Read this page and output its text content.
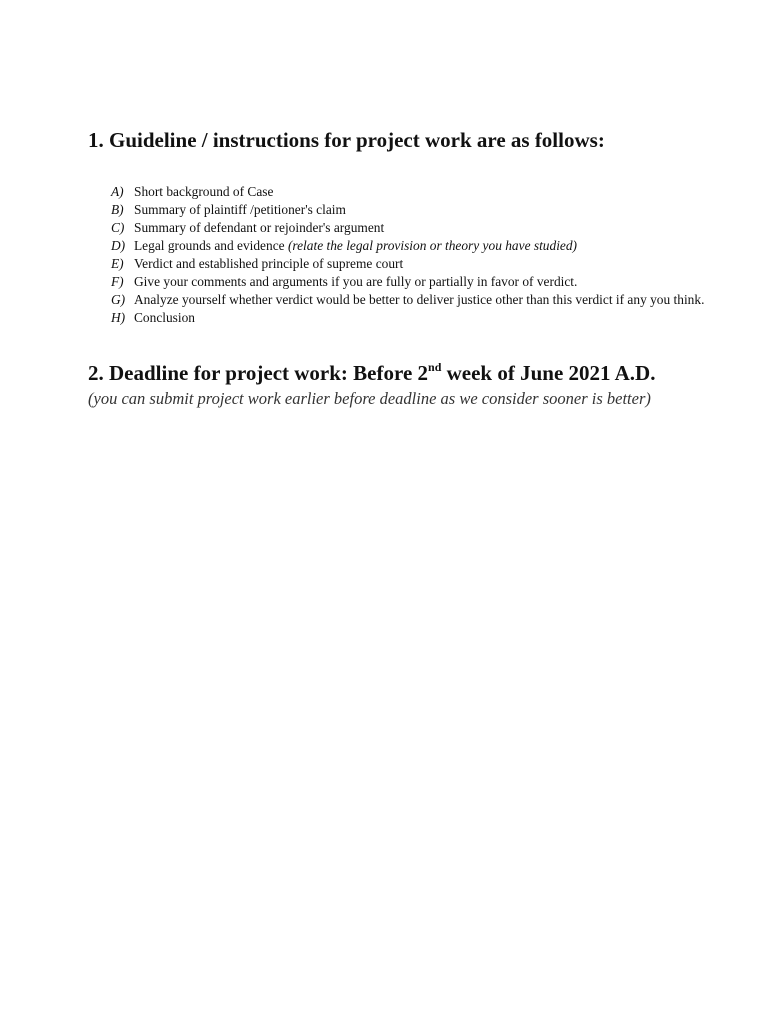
1. Guideline / instructions for project work are as follows:
A) Short background of Case
B) Summary of plaintiff /petitioner's claim
C) Summary of defendant or rejoinder's argument
D) Legal grounds and evidence (relate the legal provision or theory you have studied)
E) Verdict and established principle of supreme court
F) Give your comments and arguments if you are fully or partially in favor of verdict.
G) Analyze yourself whether verdict would be better to deliver justice other than this verdict if any you think.
H) Conclusion
2. Deadline for project work: Before 2nd week of June 2021 A.D.

(you can submit project work earlier before deadline as we consider sooner is better)
